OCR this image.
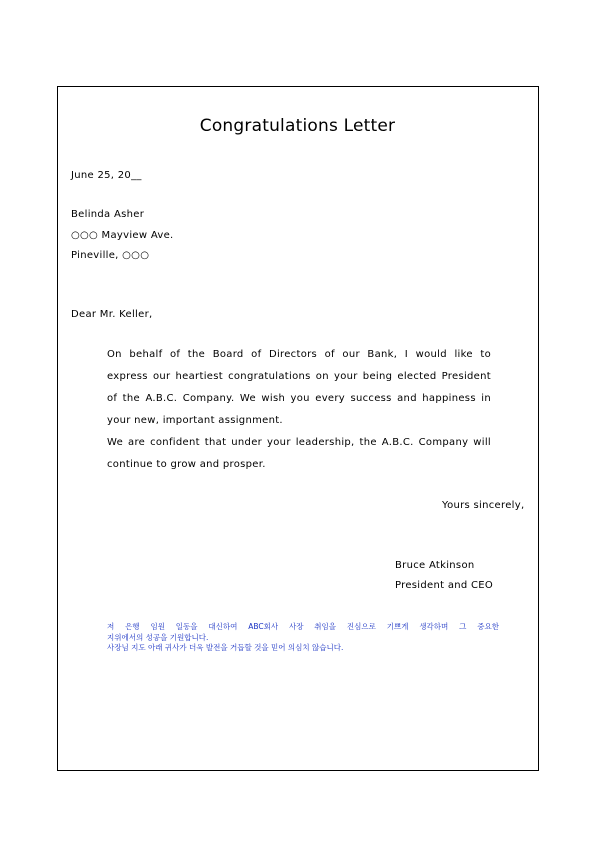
Congratulations Letter
June 25, 20__
Belinda Asher
○○○ Mayview Ave.
Pineville, ○○○
Dear Mr. Keller,
On behalf of the Board of Directors of our Bank, I would like to
express our heartiest congratulations on your being elected President
of the A.B.C. Company. We wish you every success and happiness in
your new, important assignment.
We are confident that under your leadership, the A.B.C. Company will
continue to grow and prosper.
Yours sincerely,
Bruce Atkinson
President and CEO
저 은행 임원 일동을 대신하여 ABC회사 사장 취임을 진심으로 기쁘게 생각하며 그 중요한
지위에서의 성공을 기원합니다.
사장님 지도 아래 귀사가 더욱 발전을 거듭할 것을 믿어 의심치 않습니다.
